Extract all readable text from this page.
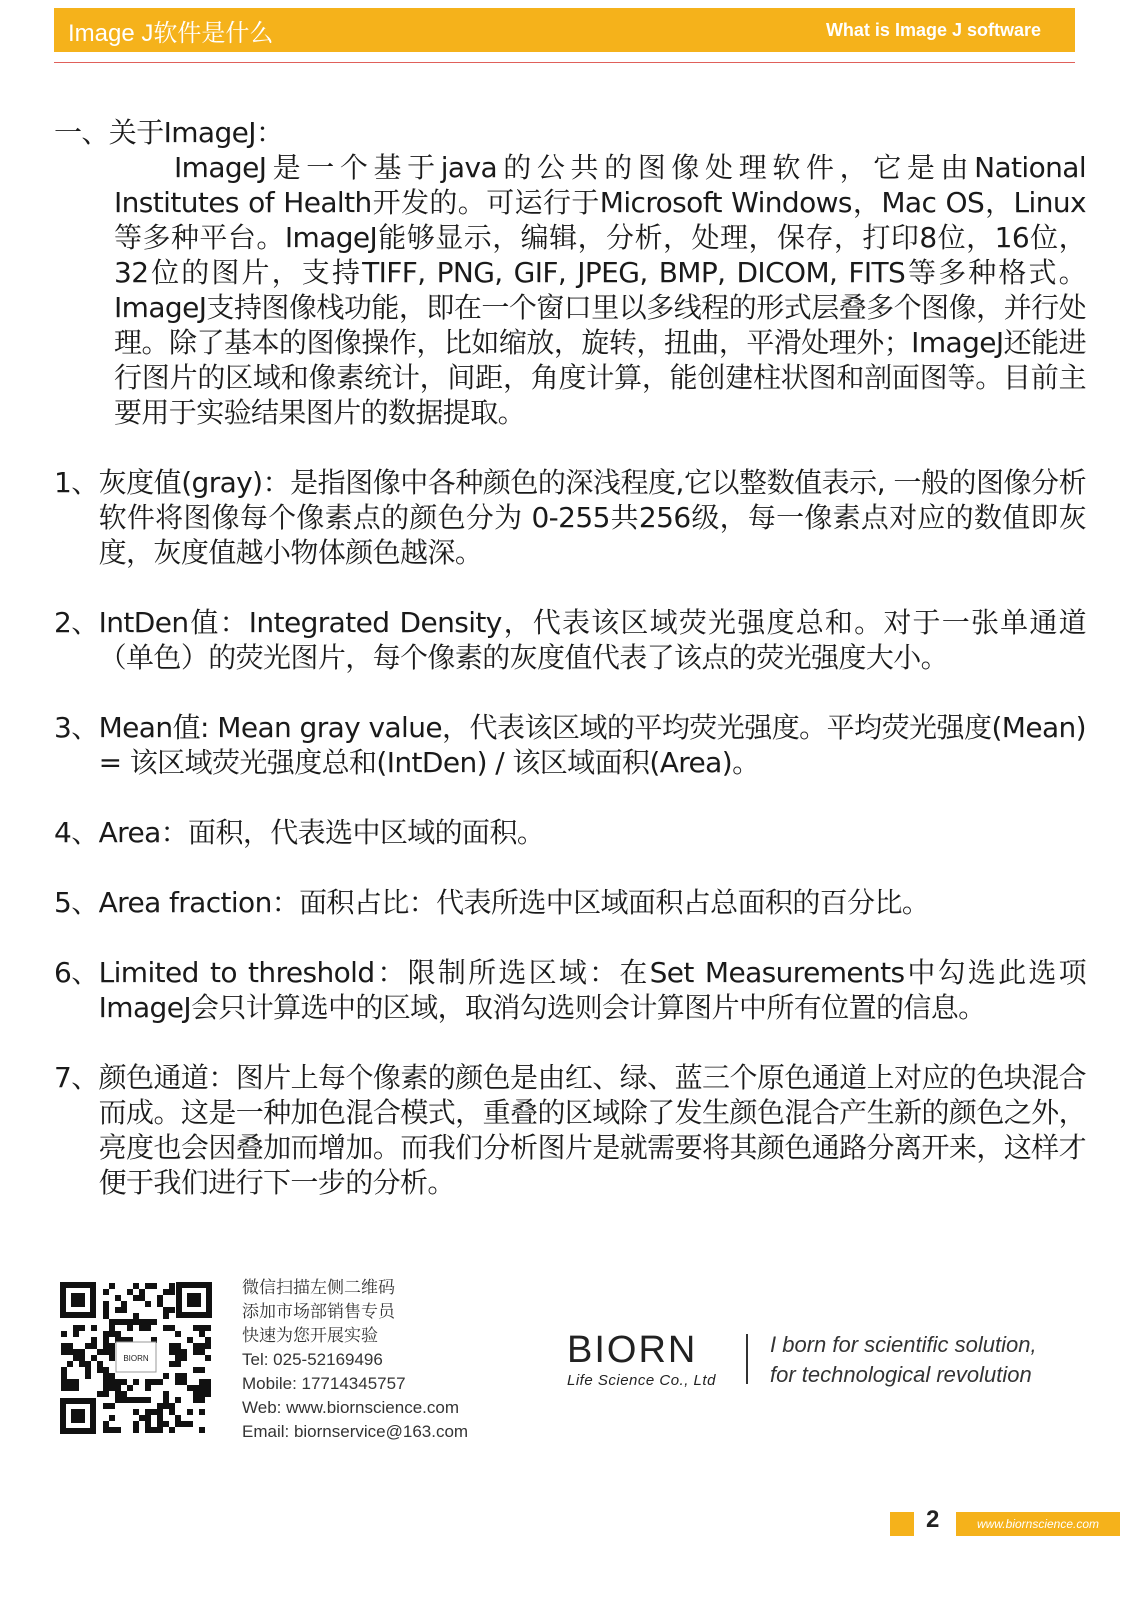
Image J软件是什么	What is Image J software

一、关于ImageJ：

ImageJ是一个基于java的公共的图像处理软件，它是由National Institutes of Health开发的。可运行于Microsoft Windows，Mac OS，Linux等多种平台。ImageJ能够显示，编辑，分析，处理，保存，打印8位，16位，32位的图片，支持TIFF, PNG, GIF, JPEG, BMP, DICOM, FITS等多种格式。ImageJ支持图像栈功能，即在一个窗口里以多线程的形式层叠多个图像，并行处理。除了基本的图像操作，比如缩放，旋转，扭曲，平滑处理外；ImageJ还能进行图片的区域和像素统计，间距，角度计算，能创建柱状图和剖面图等。目前主要用于实验结果图片的数据提取。

1、 灰度值(gray)：是指图像中各种颜色的深浅程度,它以整数值表示, 一般的图像分析软件将图像每个像素点的颜色分为 0-255共256级，每一像素点对应的数值即灰度，灰度值越小物体颜色越深。
2、 IntDen值：Integrated Density，代表该区域荧光强度总和。对于一张单通道（单色）的荧光图片，每个像素的灰度值代表了该点的荧光强度大小。
3、 Mean值: Mean gray value，代表该区域的平均荧光强度。平均荧光强度(Mean) = 该区域荧光强度总和(IntDen) / 该区域面积(Area)。
4、 Area：面积，代表选中区域的面积。
5、 Area fraction：面积占比：代表所选中区域面积占总面积的百分比。
6、 Limited to threshold：限制所选区域：在Set Measurements中勾选此选项ImageJ会只计算选中的区域，取消勾选则会计算图片中所有位置的信息。
7、 颜色通道：图片上每个像素的颜色是由红、绿、蓝三个原色通道上对应的色块混合而成。这是一种加色混合模式，重叠的区域除了发生颜色混合产生新的颜色之外，亮度也会因叠加而增加。而我们分析图片是就需要将其颜色通路分离开来，这样才便于我们进行下一步的分析。
BIORN
微信扫描左侧二维码
添加市场部销售专员
快速为您开展实验
Tel: 025-52169496
Mobile: 17714345757
Web: www.biornscience.com
Email: biornservice@163.com
BIORN
Life Science Co., Ltd
I born for scientific solution,
for technological revolution
2	www.biornscience.com
